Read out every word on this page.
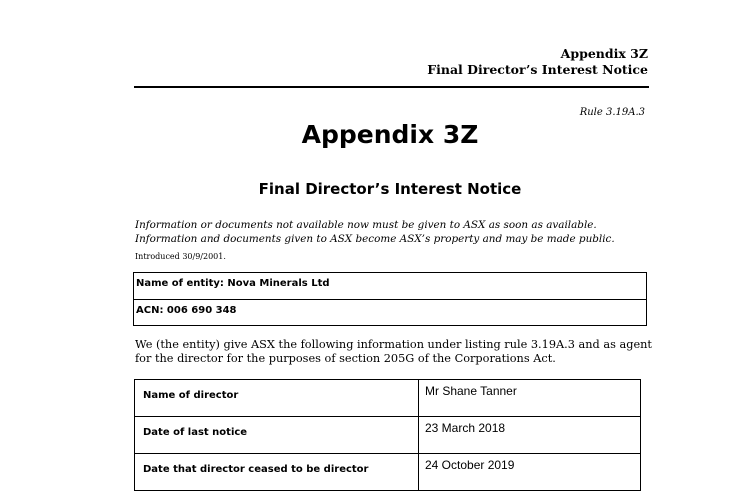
Appendix 3Z
Final Director’s Interest Notice
Rule 3.19A.3
Appendix 3Z
Final Director’s Interest Notice
Information or documents not available now must be given to ASX as soon as available. Information and documents given to ASX become ASX’s property and may be made public.
Introduced 30/9/2001.
Name of entity: Nova Minerals Ltd
ACN: 006 690 348
We (the entity) give ASX the following information under listing rule 3.19A.3 and as agent for the director for the purposes of section 205G of the Corporations Act.
Name of director	Mr Shane Tanner
Date of last notice	23 March 2018
Date that director ceased to be director	24 October 2019
